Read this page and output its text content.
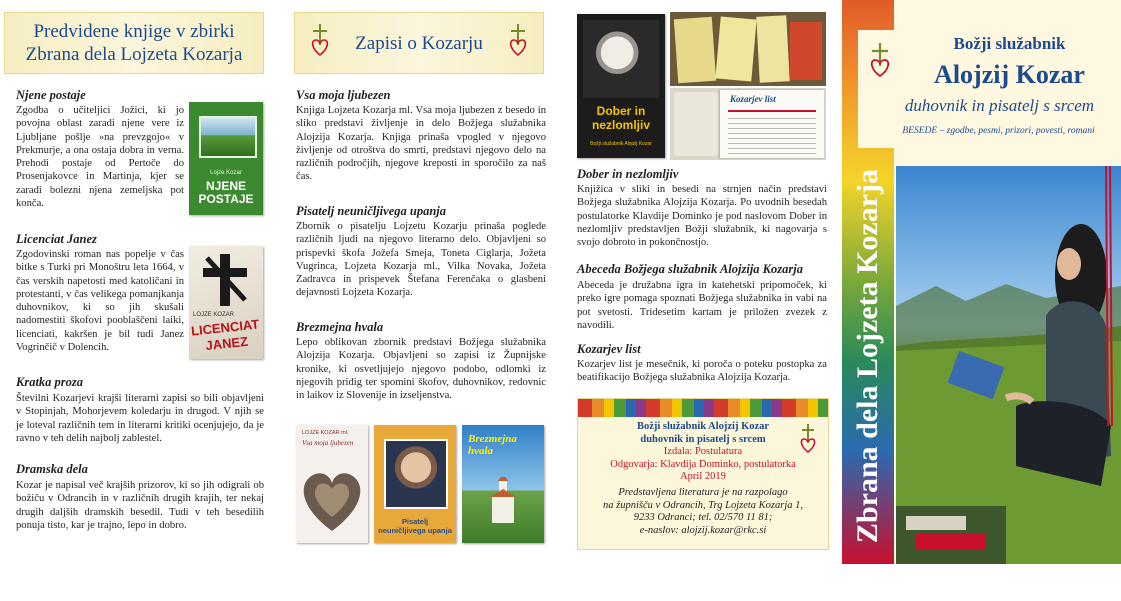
Predvidene knjige v zbirki
Zbrana dela Lojzeta Kozarja
Njene postaje

Zgodba o učiteljici Jožici, ki jo povojna oblast zaradi njene vere iz Ljubljane pošlje »na prevzgojo« v Prekmurje, a ona ostaja dobra in verna. Prehodi postaje od Pertoče do Prosenjakovce in Martinja, kjer se zaradi bolezni njena zemeljska pot konča.

Lojze Kozar
NJENE
POSTAJE
Licenciat Janez

Zgodovinski roman nas popelje v čas bitke s Turki pri Monoštru leta 1664, v čas verskih napetosti med katoličani in protestanti, v čas velikega pomanjkanja duhovnikov, ki so jih skušali nadomestiti škofovi pooblaščeni laiki, licenciati, kakršen je bil tudi Janez Vogrinčič v Dolencih.

LOJZE KOZAR
LICENCIAT
JANEZ
Kratka proza

Številni Kozarjevi krajši literarni zapisi so bili objavljeni v Stopinjah, Mohorjevem koledarju in drugod. V njih se je loteval različnih tem in literarni kritiki ocenjujejo, da je ravno v teh delih najbolj zablestel.

Dramska dela

Kozar je napisal več krajših prizorov, ki so jih odigrali ob božiču v Odrancih in v različnih drugih krajih, ter nekaj drugih daljših dramskih besedil. Tudi v teh besedilih ponuja tisto, kar je trajno, lepo in dobro.

Zapisi o Kozarju
Vsa moja ljubezen

Knjiga Lojzeta Kozarja ml. Vsa moja ljubezen z besedo in sliko predstavi življenje in delo Božjega služabnika Alojzija Kozarja. Knjiga prinaša vpogled v njegovo življenje od otroštva do smrti, predstavi njegovo delo na različnih področjih, njegove kreposti in sporočilo za naš čas.

Pisatelj neuničljivega upanja

Zbornik o pisatelju Lojzetu Kozarju prinaša poglede različnih ljudi na njegovo literarno delo. Objavljeni so prispevki škofa Jožefa Smeja, Toneta Ciglarja, Jožeta Vugrinca, Lojzeta Kozarja ml., Vilka Novaka, Jožeta Zadravca in prispevek Štefana Ferenčaka o glasbeni dejavnosti Lojzeta Kozarja.

Brezmejna hvala

Lepo oblikovan zbornik predstavi Božjega služabnika Alojzija Kozarja. Objavljeni so zapisi iz Župnijske kronike, ki osvetljujejo njegovo podobo, odlomki iz njegovih pridig ter spomini škofov, duhovnikov, redovnic in laikov iz Slovenije in izseljenstva.

LOJZE KOZAR ml.
Vsa moja ljubezen
Pisatelj
neuničljivega upanja
Brezmejna
hvala
Dober in
nezlomljiv
Božji služabnik Alojzij Kozar
Kozarjev list
Dober in nezlomljiv

Knjižica v sliki in besedi na strnjen način predstavi Božjega služabnika Alojzija Kozarja. Po uvodnih besedah postulatorke Klavdije Dominko je pod naslovom Dober in nezlomljiv predstavljen Božji služabnik, ki nagovarja s svojo dobroto in pokončnostjo.

Abeceda Božjega služabnik Alojzija Kozarja

Abeceda je družabna igra in katehetski pripomoček, ki preko igre pomaga spoznati Božjega služabnika in vabi na pot svetosti. Tridesetim kartam je priložen zvezek z navodili.

Kozarjev list

Kozarjev list je mesečnik, ki poroča o poteku postopka za beatifikacijo Božjega služabnika Alojzija Kozarja.

Božji služabnik Alojzij Kozar
duhovnik in pisatelj s srcem
Izdala: Postulatura
Odgovarja: Klavdija Dominko, postulatorka
April 2019
Predstavljena literatura je na razpolago
na župnišču v Odrancih, Trg Lojzeta Kozarja 1,
9233 Odranci; tel. 02/570 11 81;
e-naslov: alojzij.kozar@rkc.si	Zbrana dela Lojzeta Kozarja
Božji služabnik
Alojzij Kozar
duhovnik in pisatelj s srcem
BESEDE – zgodbe, pesmi, prizori, povesti, romani
